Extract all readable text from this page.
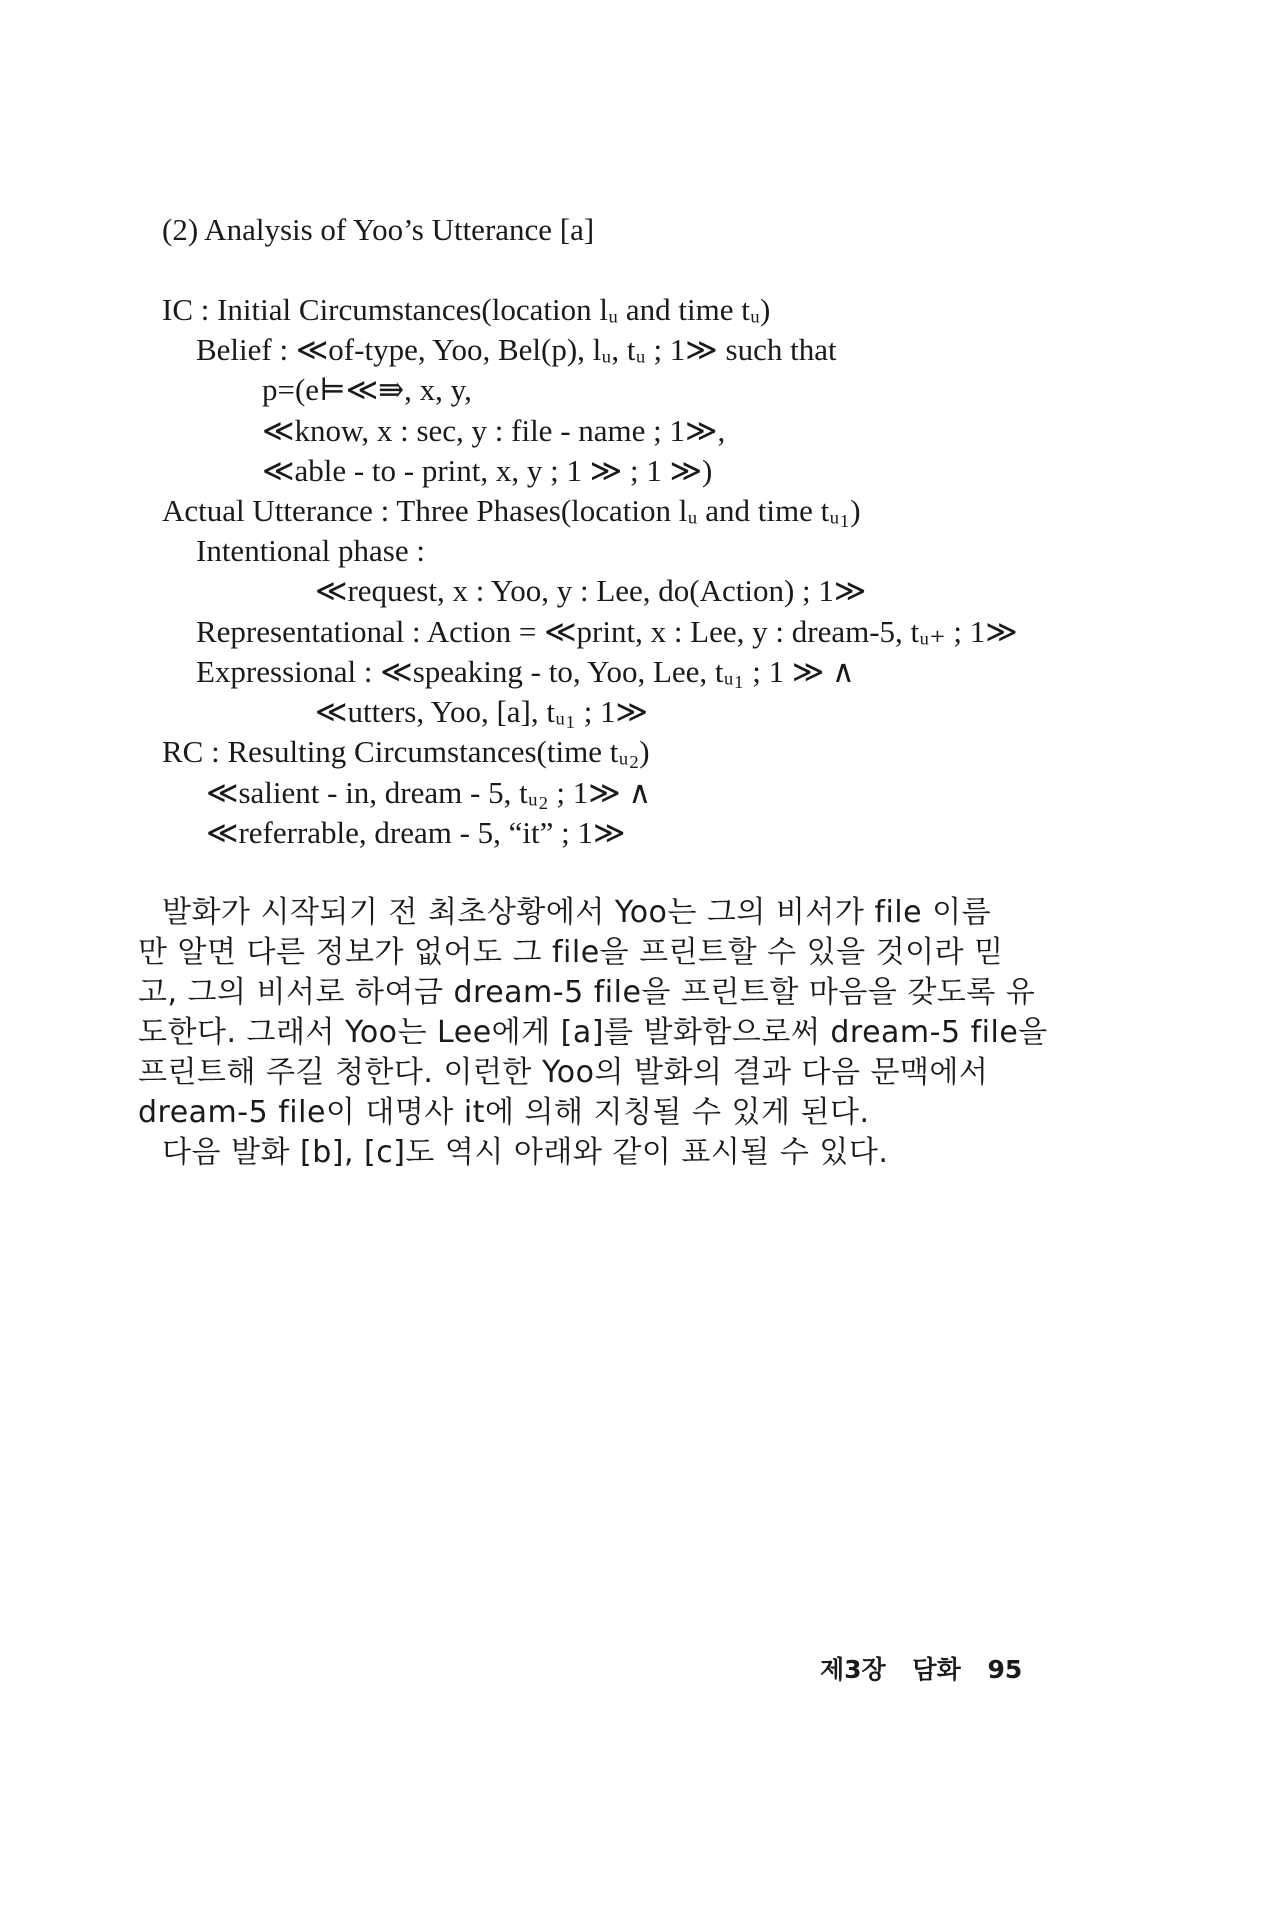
(2) Analysis of Yoo’s Utterance [a]
IC : Initial Circumstances(location lᵤ and time tᵤ)
Belief : ≪of-type, Yoo, Bel(p), lᵤ, tᵤ ; 1≫ such that
p=(e⊨≪⇛, x, y,
≪know, x : sec, y : file - name ; 1≫,
≪able - to - print, x, y ; 1 ≫ ; 1 ≫)
Actual Utterance : Three Phases(location lᵤ and time tᵤ₁)
Intentional phase :
≪request, x : Yoo, y : Lee, do(Action) ; 1≫
Representational : Action = ≪print, x : Lee, y : dream-5, tᵤ₊ ; 1≫
Expressional : ≪speaking - to, Yoo, Lee, tᵤ₁ ; 1 ≫ ∧
≪utters, Yoo, [a], tᵤ₁ ; 1≫
RC : Resulting Circumstances(time tᵤ₂)
≪salient - in, dream - 5, tᵤ₂ ; 1≫ ∧
≪referrable, dream - 5, “it” ; 1≫
발화가 시작되기 전 최초상황에서 Yoo는 그의 비서가 file 이름
만 알면 다른 정보가 없어도 그 file을 프린트할 수 있을 것이라 믿
고, 그의 비서로 하여금 dream-5 file을 프린트할 마음을 갖도록 유
도한다. 그래서 Yoo는 Lee에게 [a]를 발화함으로써 dream-5 file을
프린트해 주길 청한다. 이런한 Yoo의 발화의 결과 다음 문맥에서
dream-5 file이 대명사 it에 의해 지칭될 수 있게 된다.
다음 발화 [b], [c]도 역시 아래와 같이 표시될 수 있다.
제3장 담화 95
